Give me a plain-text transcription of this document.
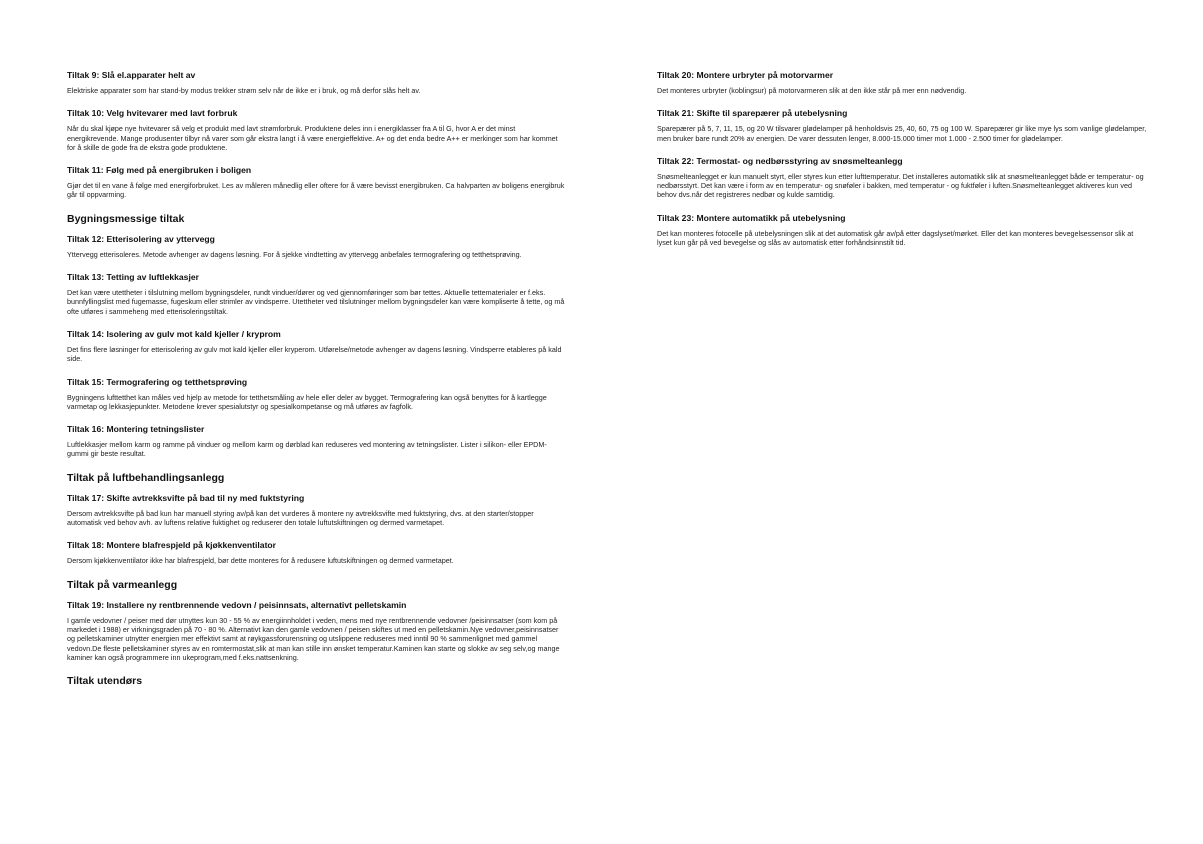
Tiltak 9: Slå el.apparater helt av

Elektriske apparater som har stand-by modus trekker strøm selv når de ikke er i bruk, og må derfor slås helt av.

Tiltak 10: Velg hvitevarer med lavt forbruk

Når du skal kjøpe nye hvitevarer så velg et produkt med lavt strømforbruk. Produktene deles inn i energiklasser fra A til G, hvor A er det minst energikrevende. Mange produsenter tilbyr nå varer som går ekstra langt i å være energieffektive. A+ og det enda bedre A++ er merkinger som har kommet for å skille de gode fra de ekstra gode produktene.

Tiltak 11: Følg med på energibruken i boligen

Gjør det til en vane å følge med energiforbruket. Les av måleren månedlig eller oftere for å være bevisst energibruken. Ca halvparten av boligens energibruk går til oppvarming.

Bygningsmessige tiltak
Tiltak 12: Etterisolering av yttervegg

Yttervegg etterisoleres. Metode avhenger av dagens løsning. For å sjekke vindtetting av yttervegg anbefales termografering og tetthetsprøving.

Tiltak 13: Tetting av luftlekkasjer

Det kan være utettheter i tilslutning mellom bygningsdeler, rundt vinduer/dører og ved gjennomføringer som bør tettes. Aktuelle tettematerialer er f.eks. bunnfyllingslist med fugemasse, fugeskum eller strimler av vindsperre. Utettheter ved tilslutninger mellom bygningsdeler kan være kompliserte å tette, og må ofte utføres i sammeheng med etterisoleringstiltak.

Tiltak 14: Isolering av gulv mot kald kjeller / kryprom

Det fins flere løsninger for etterisolering av gulv mot kald kjeller eller kryperom. Utførelse/metode avhenger av dagens løsning. Vindsperre etableres på kald side.

Tiltak 15: Termografering og tetthetsprøving

Bygningens lufttetthet kan måles ved hjelp av metode for tetthetsmåling av hele eller deler av bygget. Termografering kan også benyttes for å kartlegge varmetap og lekkasjepunkter. Metodene krever spesialutstyr og spesialkompetanse og må utføres av fagfolk.

Tiltak 16: Montering tetningslister

Luftlekkasjer mellom karm og ramme på vinduer og mellom karm og dørblad kan reduseres ved montering av tetningslister. Lister i silikon- eller EPDM-gummi gir beste resultat.

Tiltak på luftbehandlingsanlegg
Tiltak 17: Skifte avtrekksvifte på bad til ny med fuktstyring

Dersom avtrekksvifte på bad kun har manuell styring av/på kan det vurderes å montere ny avtrekksvifte med fuktstyring, dvs. at den starter/stopper automatisk ved behov avh. av luftens relative fuktighet og reduserer den totale luftutskiftningen og dermed varmetapet.

Tiltak 18: Montere blafrespjeld på kjøkkenventilator

Dersom kjøkkenventilator ikke har blafrespjeld, bør dette monteres for å redusere luftutskiftningen og dermed varmetapet.

Tiltak på varmeanlegg
Tiltak 19: Installere ny rentbrennende vedovn / peisinnsats, alternativt pelletskamin

I gamle vedovner / peiser med dør utnyttes kun 30 - 55 % av energiinnholdet i veden, mens med nye rentbrennende vedovner /peisinnsatser (som kom på markedet i 1988) er virkningsgraden på 70 - 80 %. Alternativt kan den gamle vedovnen / peisen skiftes ut med en pelletskamin.Nye vedovner,peisinnsatser og pelletskaminer utnytter energien mer effektivt samt at røykgassforurensning og utslippene reduseres med inntil 90 % sammenlignet med gammel vedovn.De fleste pelletskaminer styres av en romtermostat,slik at man kan stille inn ønsket temperatur.Kaminen kan starte og slokke av seg selv,og mange kaminer kan også programmere inn ukeprogram,med f.eks.nattsenkning.

Tiltak utendørs
Tiltak 20: Montere urbryter på motorvarmer

Det monteres urbryter (koblingsur) på motorvarmeren slik at den ikke står på mer enn nødvendig.

Tiltak 21: Skifte til sparepærer på utebelysning

Sparepærer på 5, 7, 11, 15, og 20 W tilsvarer glødelamper på henholdsvis 25, 40, 60, 75 og 100 W. Sparepærer gir like mye lys som vanlige glødelamper, men bruker bare rundt 20% av energien. De varer dessuten lenger, 8.000-15.000 timer mot 1.000 - 2.500 timer for glødelamper.

Tiltak 22: Termostat- og nedbørsstyring av snøsmelteanlegg

Snøsmelteanlegget er kun manuelt styrt, eller styres kun etter lufttemperatur. Det installeres automatikk slik at snøsmelteanlegget både er temperatur- og nedbørsstyrt. Det kan være i form av en temperatur- og snøføler i bakken, med temperatur - og fuktføler i luften.Snøsmelteanlegget aktiveres kun ved behov dvs.når det registreres nedbør og kulde samtidig.

Tiltak 23: Montere automatikk på utebelysning

Det kan monteres fotocelle på utebelysningen slik at det automatisk går av/på etter dagslyset/mørket. Eller det kan monteres bevegelsessensor slik at lyset kun går på ved bevegelse og slås av automatisk etter forhåndsinnstilt tid.
